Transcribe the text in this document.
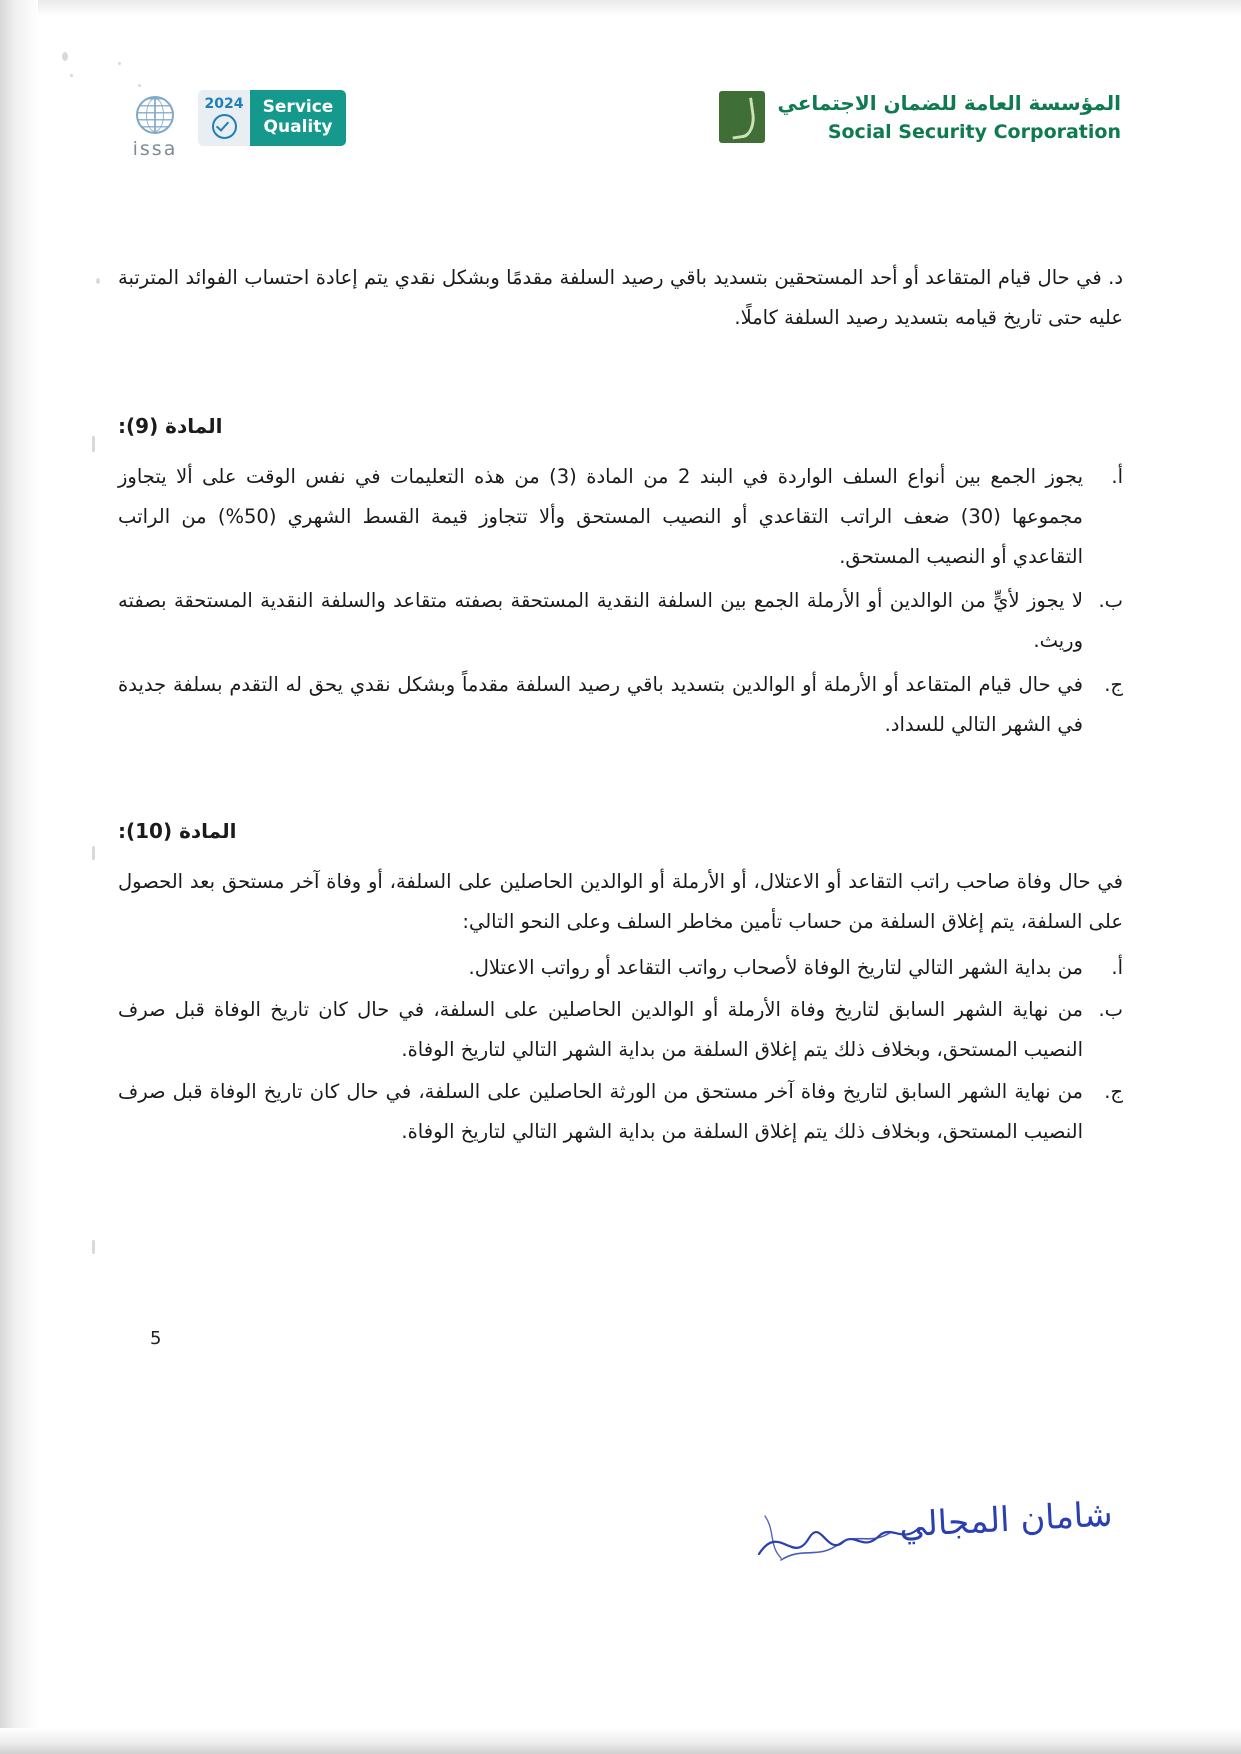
issa
Service
Quality
2024	المؤسسة العامة للضمان الاجتماعي
Social Security Corporation

د. في حال قيام المتقاعد أو أحد المستحقين بتسديد باقي رصيد السلفة مقدمًا وبشكل نقدي يتم إعادة احتساب الفوائد المترتبة عليه حتى تاريخ قيامه بتسديد رصيد السلفة كاملًا.

المادة (9):
أ.
يجوز الجمع بين أنواع السلف الواردة في البند 2 من المادة (3) من هذه التعليمات في نفس الوقت على ألا يتجاوز مجموعها (30) ضعف الراتب التقاعدي أو النصيب المستحق وألا تتجاوز قيمة القسط الشهري (50%) من الراتب التقاعدي أو النصيب المستحق.
ب.
لا يجوز لأيٍّ من الوالدين أو الأرملة الجمع بين السلفة النقدية المستحقة بصفته متقاعد والسلفة النقدية المستحقة بصفته وريث.
ج.
في حال قيام المتقاعد أو الأرملة أو الوالدين بتسديد باقي رصيد السلفة مقدماً وبشكل نقدي يحق له التقدم بسلفة جديدة في الشهر التالي للسداد.
المادة (10):

في حال وفاة صاحب راتب التقاعد أو الاعتلال، أو الأرملة أو الوالدين الحاصلين على السلفة، أو وفاة آخر مستحق بعد الحصول على السلفة، يتم إغلاق السلفة من حساب تأمين مخاطر السلف وعلى النحو التالي:

أ.
من بداية الشهر التالي لتاريخ الوفاة لأصحاب رواتب التقاعد أو رواتب الاعتلال.
ب.
من نهاية الشهر السابق لتاريخ وفاة الأرملة أو الوالدين الحاصلين على السلفة، في حال كان تاريخ الوفاة قبل صرف النصيب المستحق، وبخلاف ذلك يتم إغلاق السلفة من بداية الشهر التالي لتاريخ الوفاة.
ج.
من نهاية الشهر السابق لتاريخ وفاة آخر مستحق من الورثة الحاصلين على السلفة، في حال كان تاريخ الوفاة قبل صرف النصيب المستحق، وبخلاف ذلك يتم إغلاق السلفة من بداية الشهر التالي لتاريخ الوفاة.
5
شامان المجالي
